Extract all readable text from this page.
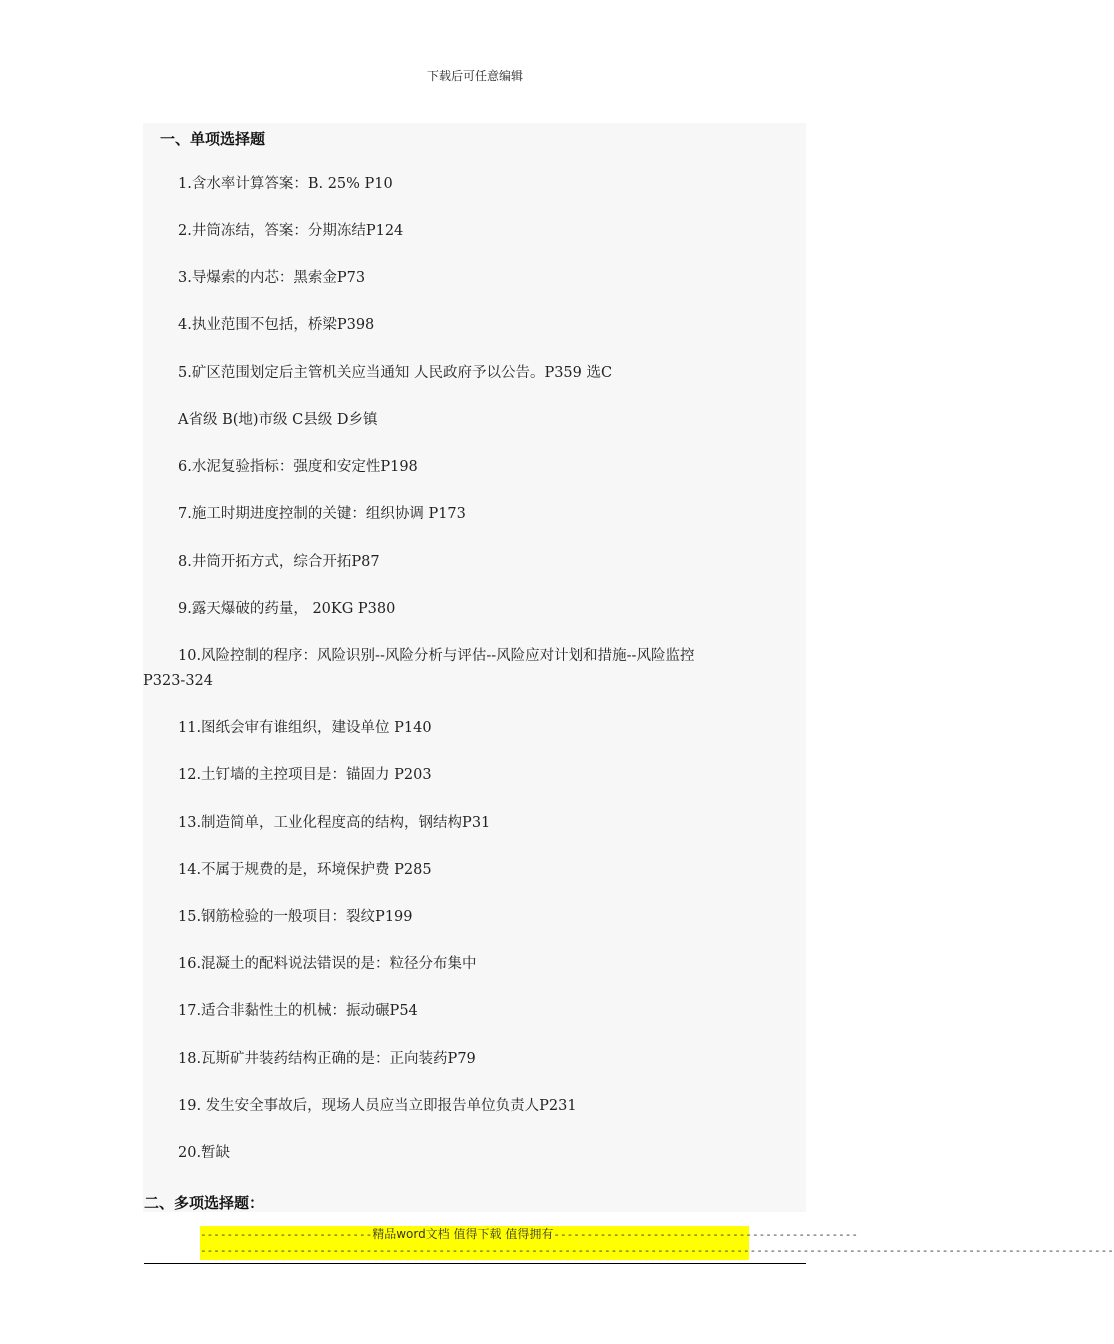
下载后可任意编辑
一、单项选择题
1.含水率计算答案：B. 25% P10
2.井筒冻结，答案：分期冻结P124
3.导爆索的内芯：黑索金P73
4.执业范围不包括，桥梁P398
5.矿区范围划定后主管机关应当通知 人民政府予以公告。P359 选C
A省级 B(地)市级 C县级 D乡镇
6.水泥复验指标：强度和安定性P198
7.施工时期进度控制的关键：组织协调 P173
8.井筒开拓方式，综合开拓P87
9.露天爆破的药量， 20KG P380
10.风险控制的程序：风险识别--风险分析与评估--风险应对计划和措施--风险监控
P323-324
11.图纸会审有谁组织，建设单位 P140
12.土钉墙的主控项目是：锚固力 P203
13.制造简单，工业化程度高的结构，钢结构P31
14.不属于规费的是，环境保护费 P285
15.钢筋检验的一般项目：裂纹P199
16.混凝土的配料说法错误的是：粒径分布集中
17.适合非黏性土的机械：振动碾P54
18.瓦斯矿井装药结构正确的是：正向装药P79
19. 发生安全事故后，现场人员应当立即报告单位负责人P231
20.暂缺
二、多项选择题：
--------------------------精品word文档 值得下载 值得拥有----------------------------------------------
------------------------------------------------------------------------------------------------------------------------------------------
